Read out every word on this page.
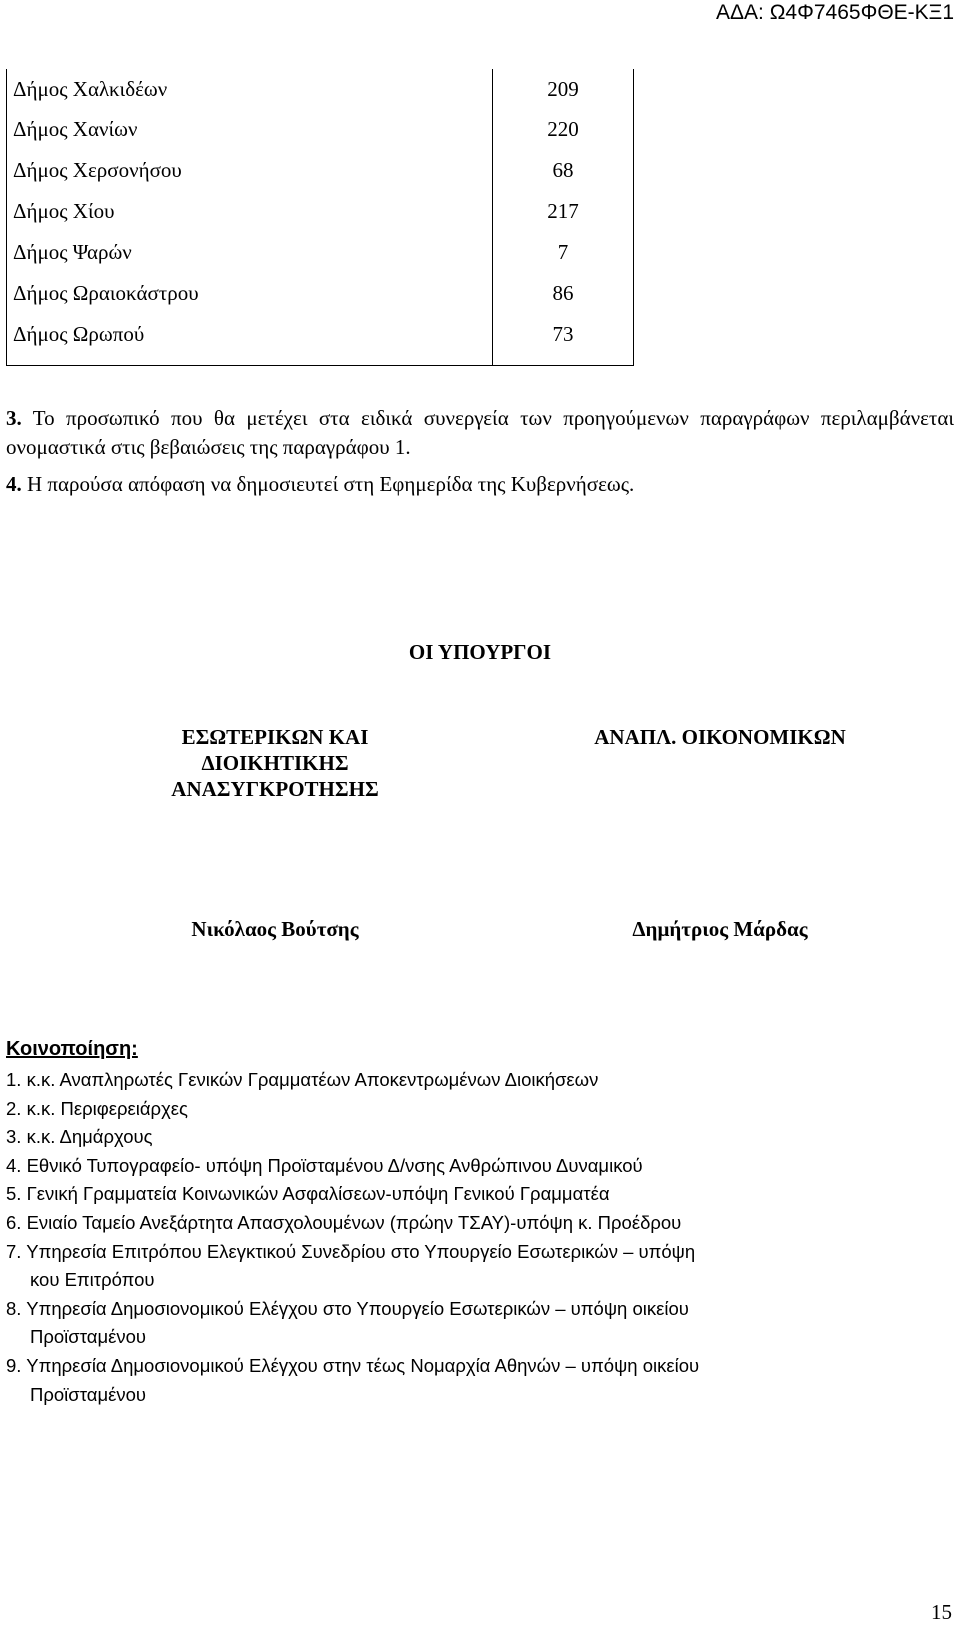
ΑΔΑ: Ω4Φ7465ΦΘΕ-ΚΞ1
Δήμος Χαλκιδέων	209
Δήμος Χανίων	220
Δήμος Χερσονήσου	68
Δήμος Χίου	217
Δήμος Ψαρών	7
Δήμος Ωραιοκάστρου	86
Δήμος Ωρωπού	73
3. Το προσωπικό που θα μετέχει στα ειδικά συνεργεία των προηγούμενων παραγράφων περιλαμβάνεται ονομαστικά στις βεβαιώσεις της παραγράφου 1.
4. Η παρούσα απόφαση να δημοσιευτεί στη Εφημερίδα της Κυβερνήσεως.
ΟΙ ΥΠΟΥΡΓΟΙ
ΕΣΩΤΕΡΙΚΩΝ ΚΑΙ ΔΙΟΙΚΗΤΙΚΗΣ
ΑΝΑΣΥΓΚΡΟΤΗΣΗΣ
ΑΝΑΠΛ. ΟΙΚΟΝΟΜΙΚΩΝ
Νικόλαος Βούτσης	Δημήτριος Μάρδας
Κοινοποίηση:
1. κ.κ. Αναπληρωτές Γενικών Γραμματέων Αποκεντρωμένων Διοικήσεων
2. κ.κ. Περιφερειάρχες
3. κ.κ. Δημάρχους
4. Εθνικό Τυπογραφείο- υπόψη Προϊσταμένου Δ/νσης Ανθρώπινου Δυναμικού
5. Γενική Γραμματεία Κοινωνικών Ασφαλίσεων-υπόψη Γενικού Γραμματέα
6. Ενιαίο Ταμείο Ανεξάρτητα Απασχολουμένων (πρώην ΤΣΑΥ)-υπόψη κ. Προέδρου
7. Υπηρεσία Επιτρόπου Ελεγκτικού Συνεδρίου στο Υπουργείο Εσωτερικών – υπόψη
κου Επιτρόπου
8. Υπηρεσία Δημοσιονομικού Ελέγχου στο Υπουργείο Εσωτερικών – υπόψη οικείου
Προϊσταμένου
9. Υπηρεσία Δημοσιονομικού Ελέγχου στην τέως Νομαρχία Αθηνών – υπόψη οικείου
Προϊσταμένου
15
